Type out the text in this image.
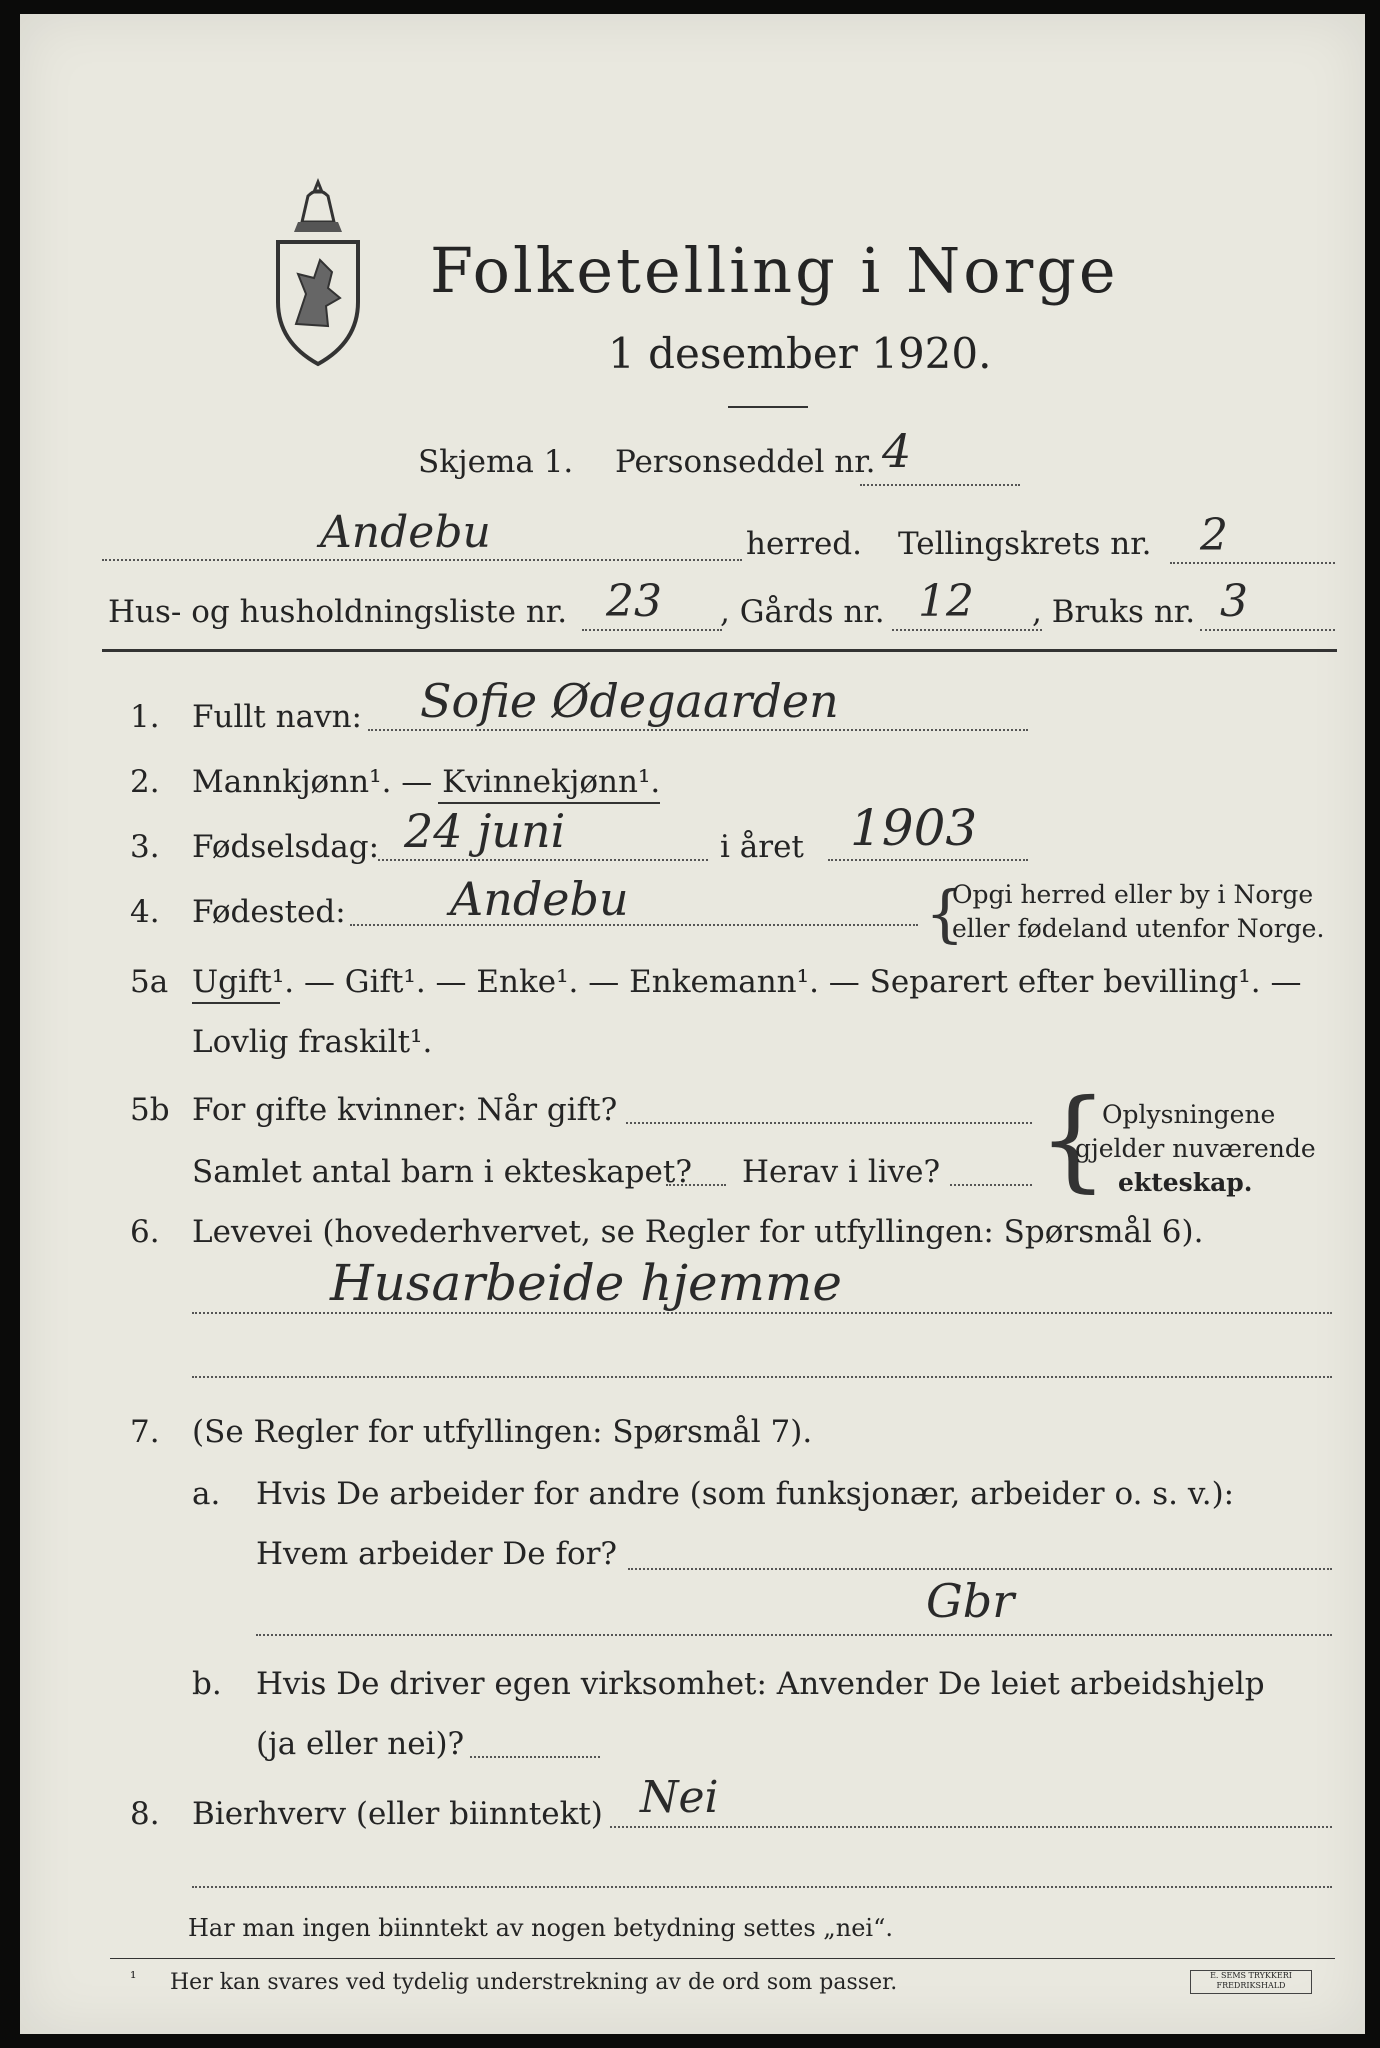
Folketelling i Norge
1 desember 1920.
Skjema 1. Personseddel nr. 4
Andebu	herred. Tellingskrets nr. 2
Hus- og husholdningsliste nr. 23 , Gårds nr. 12 , Bruks nr. 3
1. Fullt navn: Sofie Ødegaarden
2. Mannkjønn¹. — Kvinnekjønn¹.
3. Fødselsdag: 24 juni	i året 1903
4. Fødested: Andebu	{
Opgi herred eller by i Norge
eller fødeland utenfor Norge.
5a Ugift¹. — Gift¹. — Enke¹. — Enkemann¹. — Separert efter bevilling¹. —
Lovlig fraskilt¹.
5b For gifte kvinner: Når gift?
Samlet antal barn i ekteskapet? Herav i live? {
Oplysningene
gjelder nuværende
ekteskap.
6. Levevei (hovederhvervet, se Regler for utfyllingen: Spørsmål 6).
Husarbeide hjemme
7. (Se Regler for utfyllingen: Spørsmål 7).
a. Hvis De arbeider for andre (som funksjonær, arbeider o. s. v.):
Hvem arbeider De for?
Gbr
b. Hvis De driver egen virksomhet: Anvender De leiet arbeidshjelp
(ja eller nei)?
8. Bierhverv (eller biinntekt) Nei
Har man ingen biinntekt av nogen betydning settes „nei“.
¹ Her kan svares ved tydelig understrekning av de ord som passer.	E. SEMS TRYKKERI FREDRIKSHALD
